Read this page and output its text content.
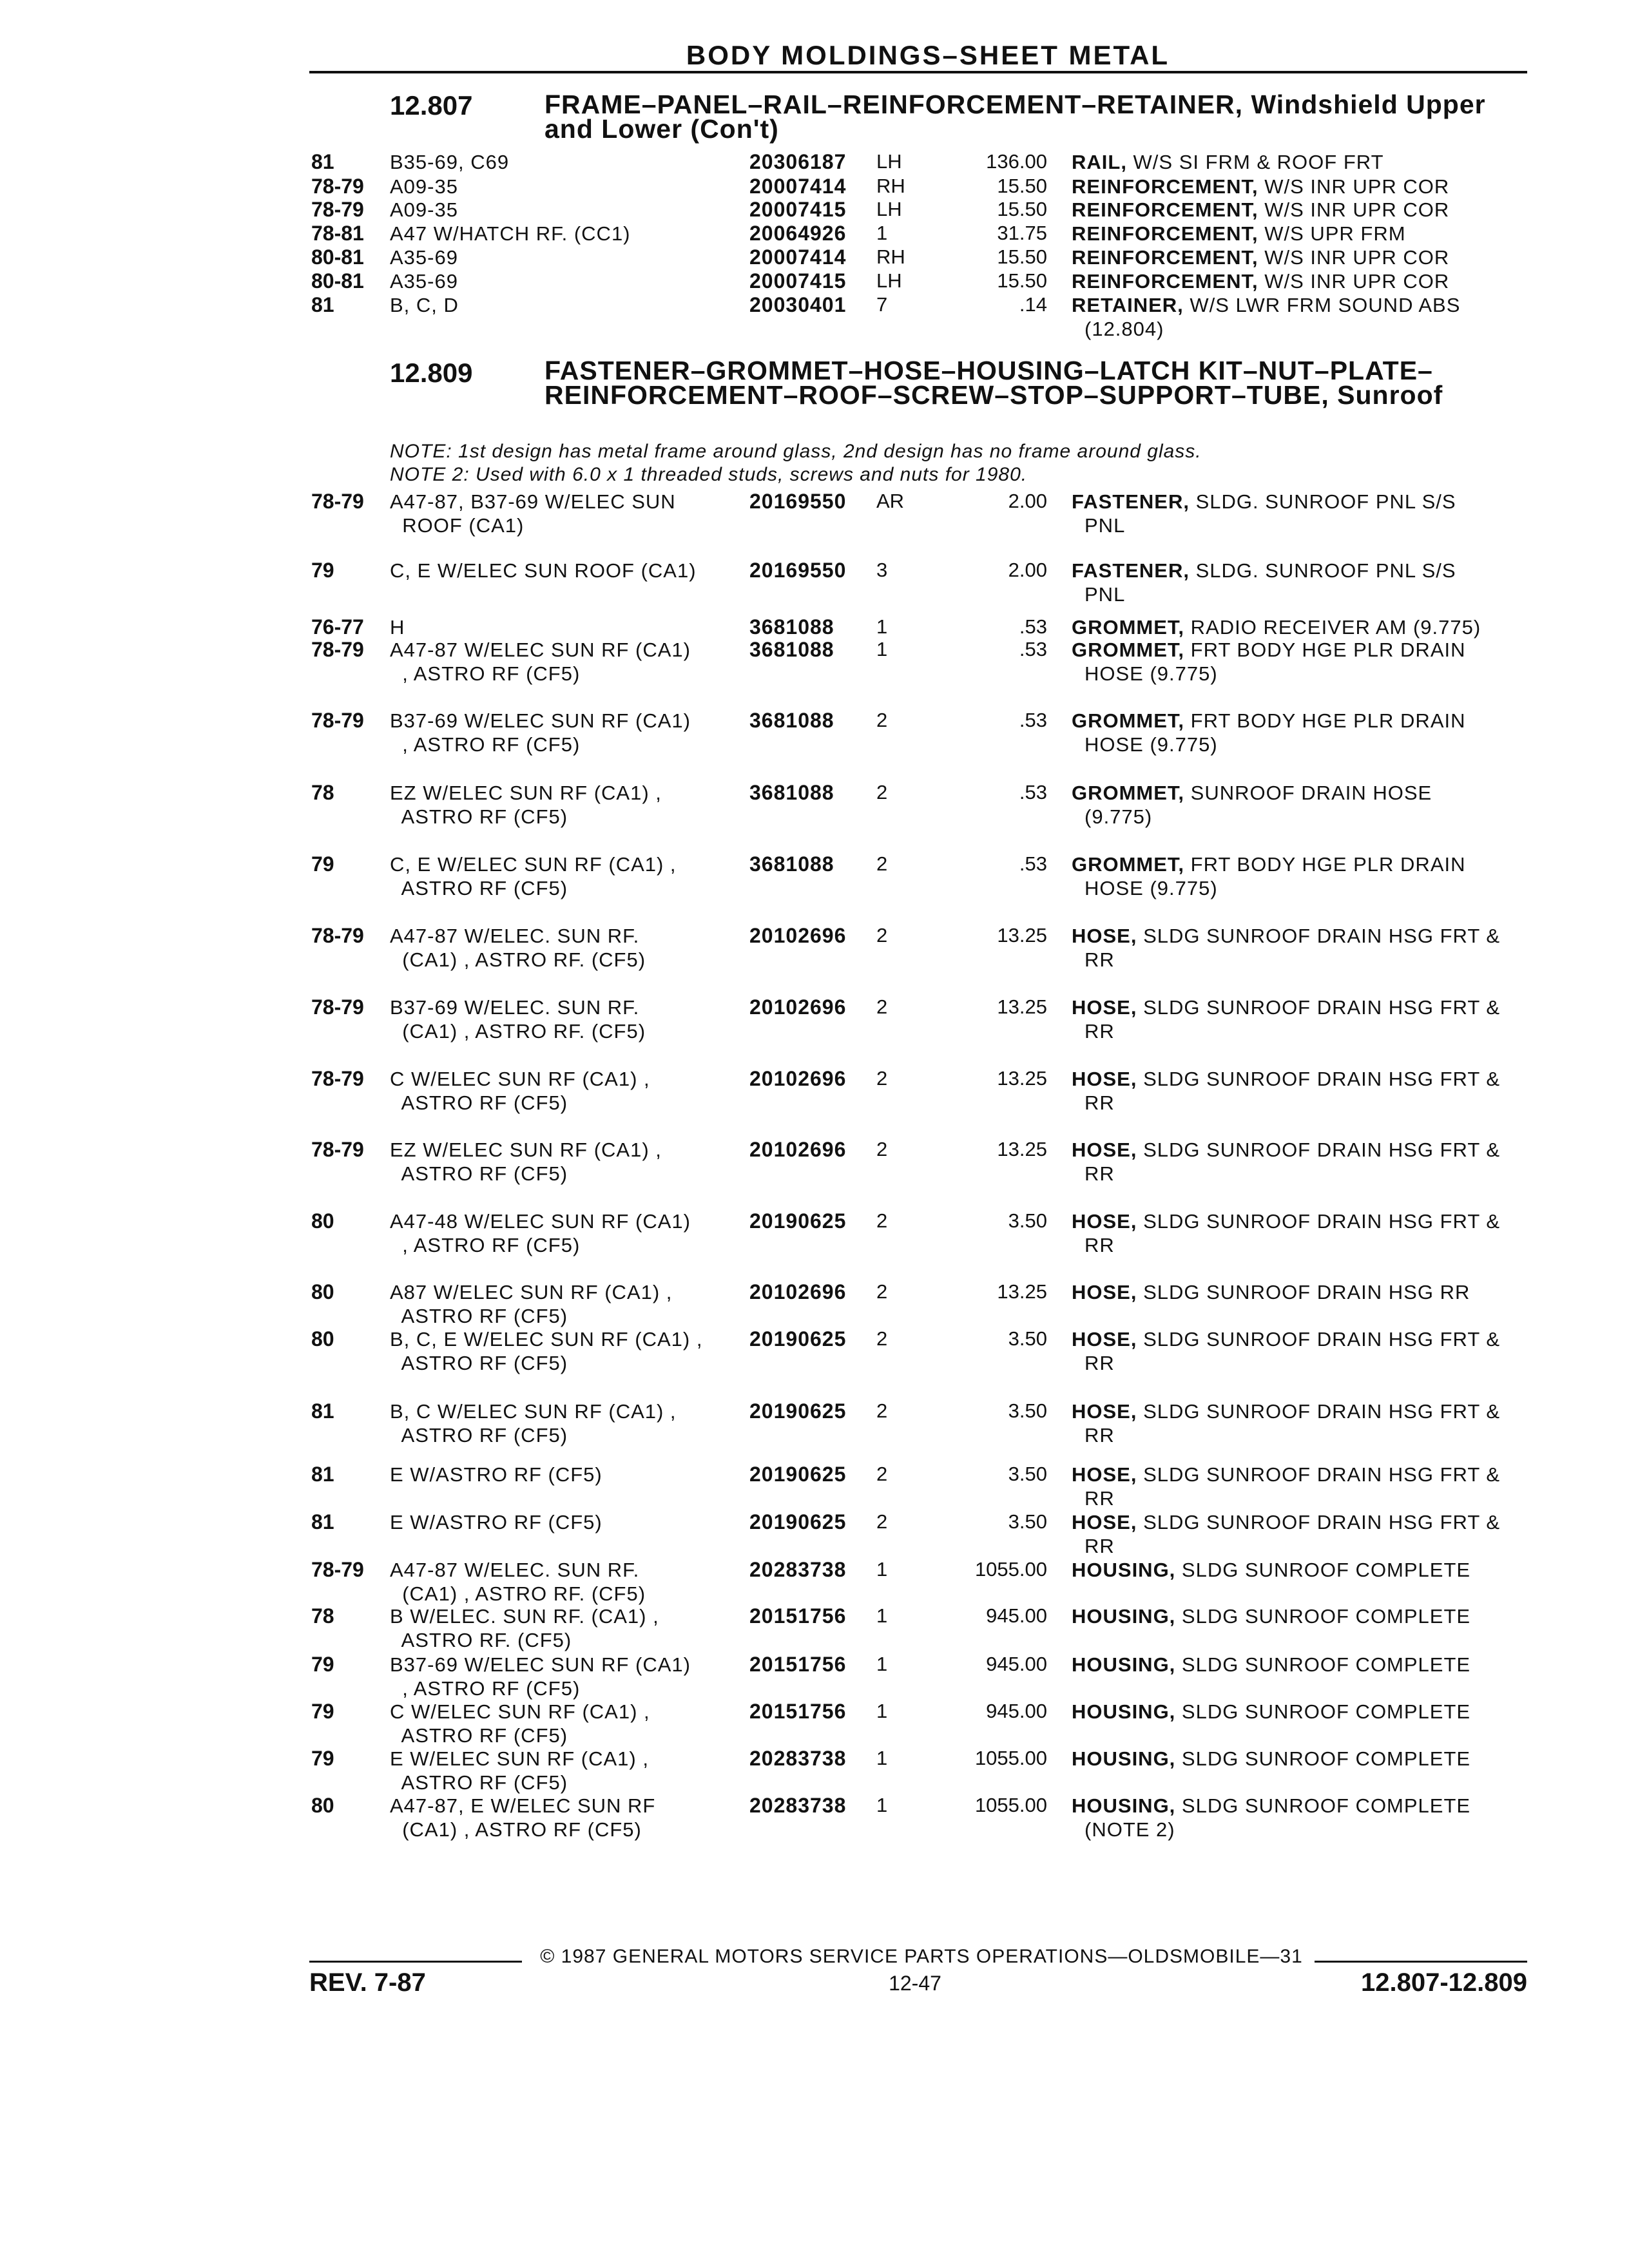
BODY MOLDINGS–SHEET METAL
12.807	FRAME–PANEL–RAIL–REINFORCEMENT–RETAINER, Windshield Upper and Lower (Con't)
81	B35-69, C69	20306187 LH	136.00 RAIL, W/S SI FRM & ROOF FRT
78-79 A09-35	20007414 RH	15.50 REINFORCEMENT, W/S INR UPR COR
78-79 A09-35	20007415 LH	15.50 REINFORCEMENT, W/S INR UPR COR
78-81 A47 W/HATCH RF. (CC1)	20064926 1	31.75 REINFORCEMENT, W/S UPR FRM
80-81 A35-69	20007414 RH	15.50 REINFORCEMENT, W/S INR UPR COR
80-81 A35-69	20007415 LH	15.50 REINFORCEMENT, W/S INR UPR COR
81	B, C, D	20030401 7	.14 RETAINER, W/S LWR FRM SOUND ABS
(12.804)
12.809	FASTENER–GROMMET–HOSE–HOUSING–LATCH KIT–NUT–PLATE–REINFORCEMENT–ROOF–SCREW–STOP–SUPPORT–TUBE, Sunroof
NOTE: 1st design has metal frame around glass, 2nd design has no frame around glass.
NOTE 2: Used with 6.0 x 1 threaded studs, screws and nuts for 1980.
78-79 A47-87, B37-69 W/ELEC SUN
ROOF (CA1)
20169550 AR	2.00 FASTENER, SLDG. SUNROOF PNL S/S
PNL
79	C, E W/ELEC SUN ROOF (CA1)	20169550 3	2.00 FASTENER, SLDG. SUNROOF PNL S/S
PNL
76-77 H	3681088 1	.53 GROMMET, RADIO RECEIVER AM (9.775)
78-79 A47-87 W/ELEC SUN RF (CA1)
, ASTRO RF (CF5)
3681088 1	.53 GROMMET, FRT BODY HGE PLR DRAIN
HOSE (9.775)
78-79 B37-69 W/ELEC SUN RF (CA1)
, ASTRO RF (CF5)
3681088 2	.53 GROMMET, FRT BODY HGE PLR DRAIN
HOSE (9.775)
78	EZ W/ELEC SUN RF (CA1) ,
ASTRO RF (CF5)
3681088 2	.53 GROMMET, SUNROOF DRAIN HOSE
(9.775)
79	C, E W/ELEC SUN RF (CA1) ,
ASTRO RF (CF5)
3681088 2	.53 GROMMET, FRT BODY HGE PLR DRAIN
HOSE (9.775)
78-79 A47-87 W/ELEC. SUN RF.
(CA1) , ASTRO RF. (CF5)
20102696 2	13.25 HOSE, SLDG SUNROOF DRAIN HSG FRT &
RR
78-79 B37-69 W/ELEC. SUN RF.
(CA1) , ASTRO RF. (CF5)
20102696 2	13.25 HOSE, SLDG SUNROOF DRAIN HSG FRT &
RR
78-79 C W/ELEC SUN RF (CA1) ,
ASTRO RF (CF5)
20102696 2	13.25 HOSE, SLDG SUNROOF DRAIN HSG FRT &
RR
78-79 EZ W/ELEC SUN RF (CA1) ,
ASTRO RF (CF5)
20102696 2	13.25 HOSE, SLDG SUNROOF DRAIN HSG FRT &
RR
80	A47-48 W/ELEC SUN RF (CA1)
, ASTRO RF (CF5)
20190625 2	3.50 HOSE, SLDG SUNROOF DRAIN HSG FRT &
RR
80	A87 W/ELEC SUN RF (CA1) ,
ASTRO RF (CF5)
20102696 2	13.25 HOSE, SLDG SUNROOF DRAIN HSG RR
80	B, C, E W/ELEC SUN RF (CA1) ,
ASTRO RF (CF5)
20190625 2	3.50 HOSE, SLDG SUNROOF DRAIN HSG FRT &
RR
81	B, C W/ELEC SUN RF (CA1) ,
ASTRO RF (CF5)
20190625 2	3.50 HOSE, SLDG SUNROOF DRAIN HSG FRT &
RR
81	E W/ASTRO RF (CF5)	20190625 2	3.50 HOSE, SLDG SUNROOF DRAIN HSG FRT &
RR
81	E W/ASTRO RF (CF5)	20190625 2	3.50 HOSE, SLDG SUNROOF DRAIN HSG FRT &
RR
78-79 A47-87 W/ELEC. SUN RF.
(CA1) , ASTRO RF. (CF5)
20283738 1	1055.00 HOUSING, SLDG SUNROOF COMPLETE
78	B W/ELEC. SUN RF. (CA1) ,
ASTRO RF. (CF5)
20151756 1	945.00 HOUSING, SLDG SUNROOF COMPLETE
79	B37-69 W/ELEC SUN RF (CA1)
, ASTRO RF (CF5)
20151756 1	945.00 HOUSING, SLDG SUNROOF COMPLETE
79	C W/ELEC SUN RF (CA1) ,
ASTRO RF (CF5)
20151756 1	945.00 HOUSING, SLDG SUNROOF COMPLETE
79	E W/ELEC SUN RF (CA1) ,
ASTRO RF (CF5)
20283738 1	1055.00 HOUSING, SLDG SUNROOF COMPLETE
80	A47-87, E W/ELEC SUN RF
(CA1) , ASTRO RF (CF5)
20283738 1	1055.00 HOUSING, SLDG SUNROOF COMPLETE
(NOTE 2)
© 1987 GENERAL MOTORS SERVICE PARTS OPERATIONS—OLDSMOBILE—31
REV. 7-87	12-47	12.807-12.809
